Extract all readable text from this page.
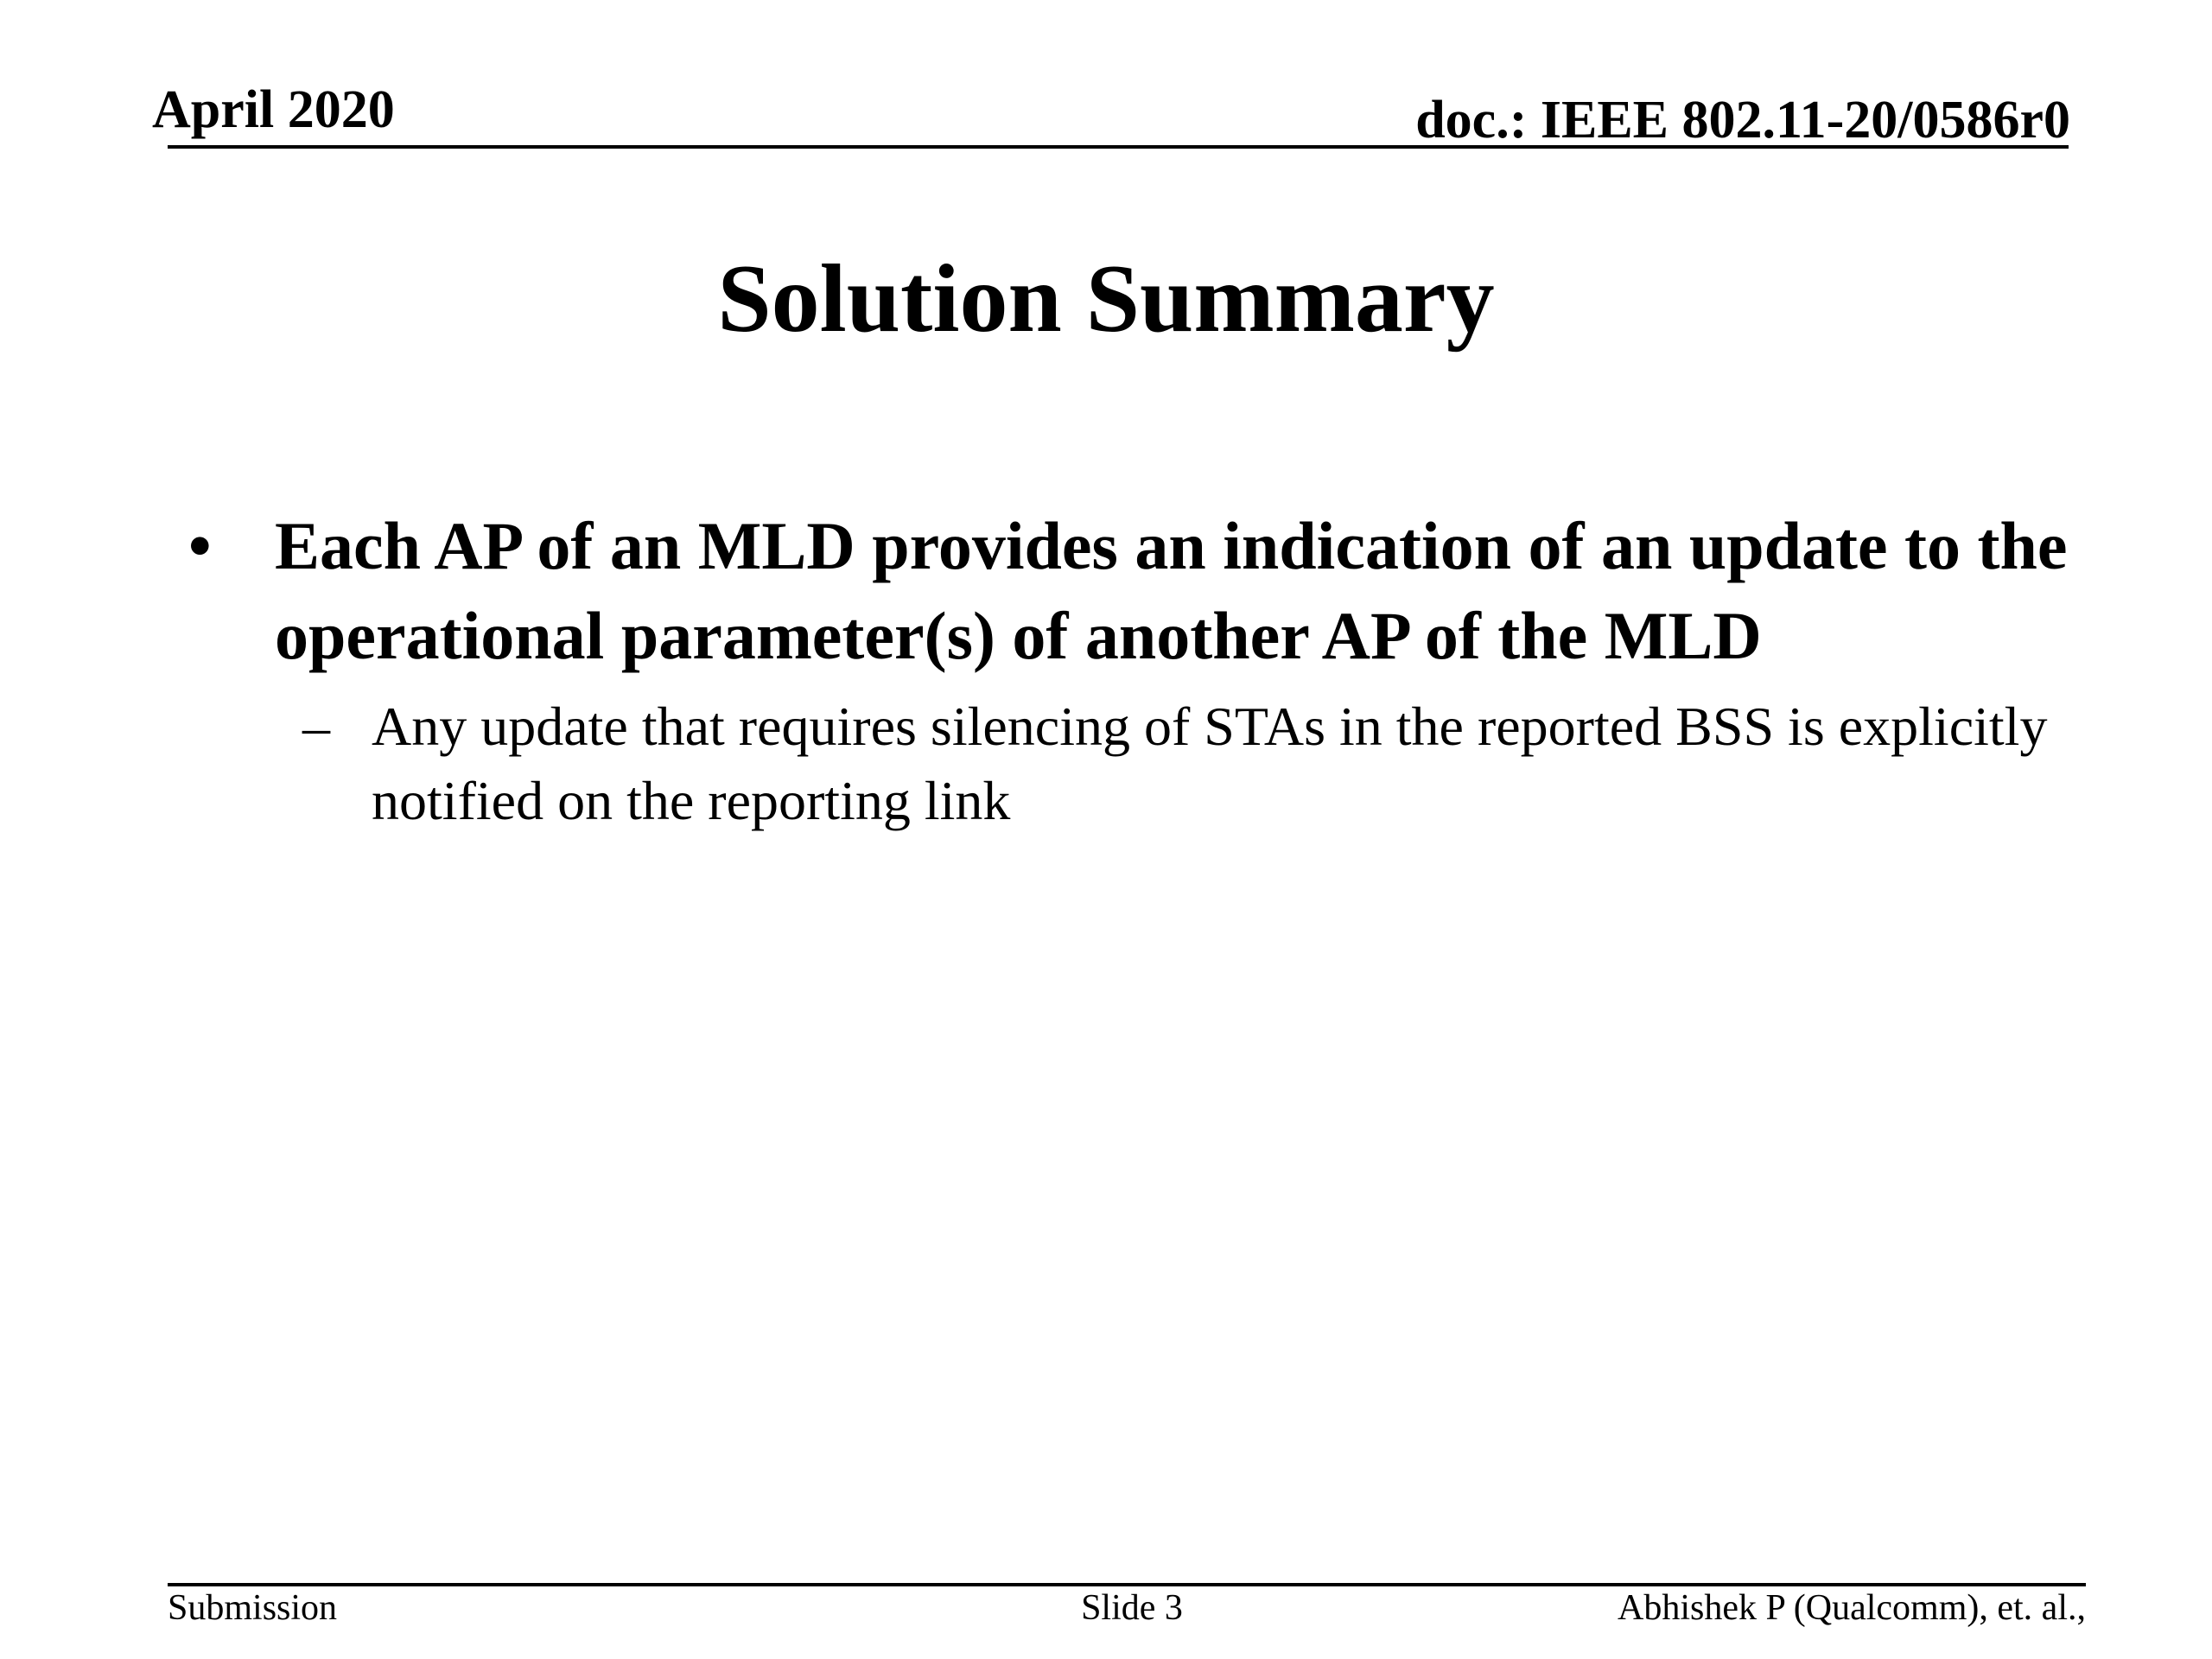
April 2020	doc.: IEEE 802.11-20/0586r0
Solution Summary
• Each AP of an MLD provides an indication of an update to the operational parameter(s) of another AP of the MLD
– Any update that requires silencing of STAs in the reported BSS is explicitly notified on the reporting link
Submission	Slide 3	Abhishek P (Qualcomm), et. al.,
